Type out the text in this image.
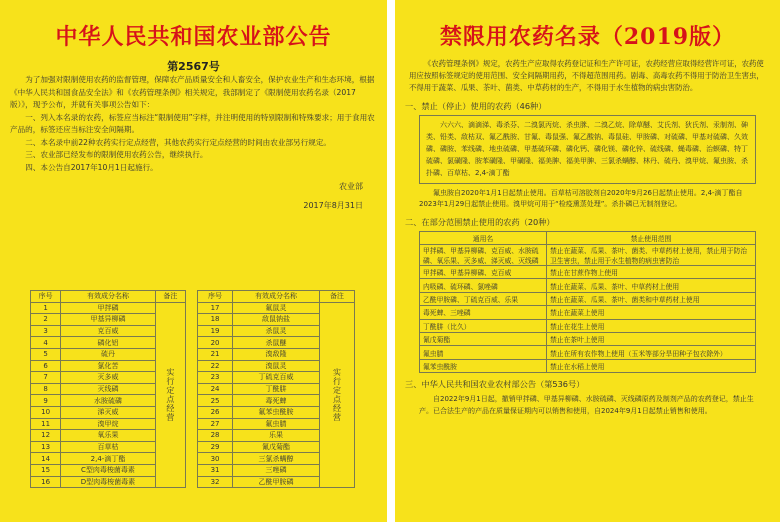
中华人民共和国农业部公告
第2567号

为了加强对限制使用农药的监督管理，保障农产品质量安全和人畜安全，保护农业生产和生态环境，根据《中华人民共和国食品安全法》和《农药管理条例》相关规定，我部制定了《限制使用农药名录（2017版）》，现予公布，并就有关事项公告如下：

一、列入本名录的农药，标签应当标注“限制使用”字样，并注明使用的特别限制和特殊要求；用于食用农产品的，标签还应当标注安全间隔期。

二、本名录中前22种农药实行定点经营，其他农药实行定点经营的时间由农业部另行规定。

三、农业部已经发布的限制使用农药公告，继续执行。

四、本公告自2017年10月1日起施行。

农业部
2017年8月31日
序号	有效成分名称	备注
1	甲拌磷	实行定点经营
2	甲基异柳磷	
3	克百威	
4	磷化铝	
5	硫丹	
6	氯化苦	
7	灭多威	
8	灭线磷	
9	水胺硫磷	
10	涕灭威	
11	溴甲烷	
12	氧乐果	
13	百草枯	
14	2,4-滴丁酯	
15	C型肉毒梭菌毒素	
16	D型肉毒梭菌毒素	
序号	有效成分名称	备注
17	氟鼠灵	实行定点经营
18	敌鼠钠盐	
19	杀鼠灵	
20	杀鼠醚	
21	溴敌隆	
22	溴鼠灵	
23	丁硫克百威	
24	丁酰肼	
25	毒死蜱	
26	氟苯虫酰胺	
27	氟虫腈	
28	乐果	
29	氰戊菊酯	
30	三氯杀螨醇	
31	三唑磷	
32	乙酰甲胺磷	
禁限用农药名录（2019版）

《农药管理条例》规定，农药生产应取得农药登记证和生产许可证，农药经营应取得经营许可证，农药使用应按照标签规定的使用范围、安全间隔期用药，不得超范围用药。剧毒、高毒农药不得用于防治卫生害虫，不得用于蔬菜、瓜果、茶叶、菌类、中草药材的生产，不得用于水生植物的病虫害防治。

一、禁止（停止）使用的农药（46种）
六六六、滴滴涕、毒杀芬、二溴氯丙烷、杀虫脒、二溴乙烷、除草醚、艾氏剂、狄氏剂、汞制剂、砷类、铅类、敌枯双、氟乙酰胺、甘氟、毒鼠强、氟乙酸钠、毒鼠硅、甲胺磷、对硫磷、甲基对硫磷、久效磷、磷胺、苯线磷、地虫硫磷、甲基硫环磷、磷化钙、磷化镁、磷化锌、硫线磷、蝇毒磷、治螟磷、特丁硫磷、氯磺隆、胺苯磺隆、甲磺隆、福美胂、福美甲胂、三氯杀螨醇、林丹、硫丹、溴甲烷、氟虫胺、杀扑磷、百草枯、2,4-滴丁酯
氟虫胺自2020年1月1日起禁止使用。百草枯可溶胶剂自2020年9月26日起禁止使用。2,4-滴丁酯自2023年1月29日起禁止使用。溴甲烷可用于“检疫熏蒸处理”。杀扑磷已无制剂登记。
二、在部分范围禁止使用的农药（20种）
通用名	禁止使用范围
甲拌磷、甲基异柳磷、克百威、水胺硫磷、氧乐果、灭多威、涕灭威、灭线磷	禁止在蔬菜、瓜果、茶叶、菌类、中草药材上使用，禁止用于防治卫生害虫，禁止用于水生植物的病虫害防治
甲拌磷、甲基异柳磷、克百威	禁止在甘蔗作物上使用
内吸磷、硫环磷、氯唑磷	禁止在蔬菜、瓜果、茶叶、中草药材上使用
乙酰甲胺磷、丁硫克百威、乐果	禁止在蔬菜、瓜果、茶叶、菌类和中草药材上使用
毒死蜱、三唑磷	禁止在蔬菜上使用
丁酰肼（比久）	禁止在花生上使用
氰戊菊酯	禁止在茶叶上使用
氟虫腈	禁止在所有农作物上使用（玉米等部分旱田种子包衣除外）
氟苯虫酰胺	禁止在水稻上使用
三、中华人民共和国农业农村部公告（第536号）
自2022年9月1日起，撤销甲拌磷、甲基异柳磷、水胺硫磷、灭线磷原药及制剂产品的农药登记，禁止生产。已合法生产的产品在质量保证期内可以销售和使用，自2024年9月1日起禁止销售和使用。
